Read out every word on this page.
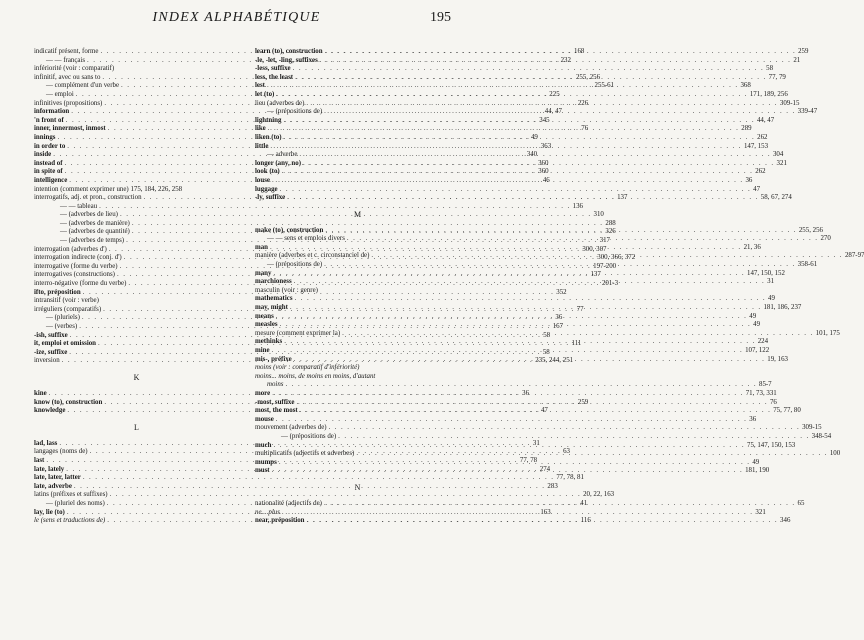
INDEX ALPHABÉTIQUE	195
indicatif présent, forme . . .	168
— — français . . .	232
infériorité (voir : comparatif)
infinitif, avec ou sans to . . .	255, 256
— complément d'un verbe . . .	255-61
— emploi . . .	225
infinitives (propositions) . . .	226
information . . .	44, 47
'n front of . . .	345
inner, innermost, inmost . . .	76
innings . . .	49
in order to . . .	363
inside . . .	340
instead of . . .	360
in spite of . . .	360
intelligence . . .	46
intention (comment exprimer une) 175, 184, 226, 258
interrogatifs, adj. et pron., construction . . .	137
— — tableau . . .	136
— (adverbes de lieu) . . .	310
— (adverbes de manière) . . .	288
— (adverbes de quantité) . . .	326
— (adverbes de temps) . . .	317
interrogation (adverbes d') . . .	300, 307
interrogation indirecte (conj. d') . . .	300, 366, 372
interrogative (forme du verbe) . . .	197-200
interrogatives (constructions) . . .	137
interro-négative (forme du verbe) . . .	201-3
ifto, préposition . . .	352
intransitif (voir : verbe)
irréguliers (comparatifs) . . .	77
— (pluriels) . . .	36
— (verbes) . . .	167
-ish, suffixe . . .	58
it, emploi et omission . . .	111
-ize, suffixe . . .	58
inversion . . .	235, 244, 251
K
kine . . .	36
know (to), construction . . .	259
knowledge . . .	47
L
lad, lass . . .	31
langages (noms de) . . .	63
last . . .	77, 78
late, lately . . .	274
late, later, latter . . .	77, 78, 81
late, adverbe . . .	283
latins (préfixes et suffixes) . . .	20, 22, 163
— (pluriel des noms) . . .	41
lay, lie (to) . . .	163
le (sens et traductions de) . . .	116
learn (to), construction . . .	259
-le, -let, -ling, suffixes . . .	21
-less, suffixe . . .	58
less, the least . . .	77, 79
lest . . .	368
let (to) . . .	171, 189, 256
lieu (adverbes de) . . .	309-15
— (prépositions de) . . .	339-47
lightning . . .	44, 47
like . . .	289
liken (to) . . .	262
little . . .	147, 153
— adverbe . . .	304
longer (any, no) . . .	321
look (to) . . .	262
louse . . .	36
luggage . . .	47
-ly, suffixe . . .	58, 67, 274
M
make (to), construction . . .	255, 256
— — sens et emplois divers . . .	270
man . . .	21, 36
manière (adverbes et c. circonstanciel de) . . .	287-97
— (prépositions de) . . .	358-61
many . . .	147, 150, 152
marchioness . . .	31
masculin (voir : genre)
mathematics . . .	49
may, might . . .	181, 186, 237
means . . .	49
measles . . .	49
mesure (comment exprimer la) . . .	101, 175
methinks . . .	224
mine . . .	107, 122
mis-, préfixe . . .	19, 163
moins (voir : comparatif d'infériorité)
moins... moins, de moins en moins, d'autant
moins . . .	85-7
more . . .	71, 73, 331
-most, suffixe . . .	76
most, the most . . .	75, 77, 80
mouse . . .	36
mouvement (adverbes de) . . .	309-15
— (prépositions de) . . .	348-54
much . . .	75, 147, 150, 153
multiplicatifs (adjectifs et adverbes) . . .	100
mumps . . .	49
must . . .	181, 190
N
nationalité (adjectifs de) . . .	65
ne... plus . . .	321
near, préposition . . .	346
